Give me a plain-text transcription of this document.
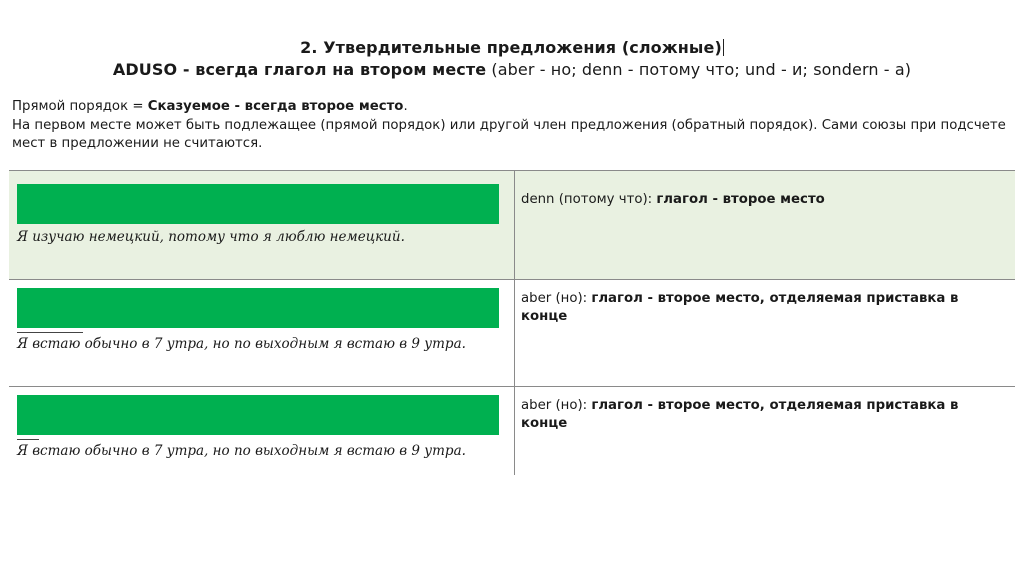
2. Утвердительные предложения (сложные)
ADUSO - всегда глагол на втором месте (aber - но; denn - потому что; und - и; sondern - а)
Прямой порядок = Сказуемое - всегда второе место.
На первом месте может быть подлежащее (прямой порядок) или другой член предложения (обратный порядок). Сами союзы при подсчете мест в предложении не считаются.
Я изучаю немецкий, потому что я люблю немецкий.	denn (потому что): глагол - второе место

Я встаю обычно в 7 утра, но по выходным я встаю в 9 утра.	aber (но): глагол - второе место, отделяемая приставка в конце

Я встаю обычно в 7 утра, но по выходным я встаю в 9 утра.	aber (но): глагол - второе место, отделяемая приставка в конце
